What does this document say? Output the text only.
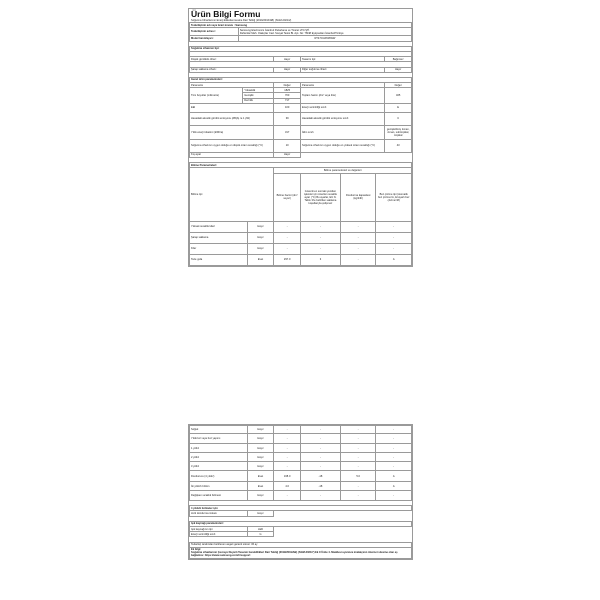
Ürün Bilgi Formu
Soğutma Cihazlarının Enerji Etiketlenmesine Dair Tebliğ (2019/2016/AB) (SGM-2021/2)
Tedarikçinin adı veya ticari ünvanı : Samsung	
Tedarikçinin adresi :	Samsung Electronics İstanbul Pazarlama ve Ticaret LTD.ŞTİ.
Defterdar Mah. Otakçılar Cad. Sosyal Tesisi Bl. Apt. No: 78/48 Eyüpsultan İstanbul/Türkiye

Model tanımlayıcı:	RT47CG6636WW

Soğutma cihazının tipi:			

Düşük gürültülü cihaz:	Hayır	Tasarım tipi:	Bağımsız

Şarap saklama cihazı:	Hayır	Diğer soğutma cihazı:	Hayır

Genel ürün parametreleri:				
Parametre		Değer	Parametre	Değer
Tüm boyutlar (milimetre)	Yükseklik	1825	Toplam hacim (dm³ veya litre)	465
	Genişlik	700		
	Derinlik	717		
EEI		100	Enerji verimliliği sınıfı	E
Havadaki akustik gürültü emisyonu (dB(A) re 1 pW)		39	Havadaki akustik gürültü emisyonu sınıfı	C
Yıllık enerji tüketimi (kWh/a)		317	İklim sınıfı	genişletilmiş ılıman, ılıman, subtropikal, tropikal
Soğutma cihazının uygun olduğu en düşük ortam sıcaklığı (°C)		10	Soğutma cihazının uygun olduğu en yüksek ortam sıcaklığı (°C)	43
Kış ayarı		Hayır		

Bölme Parametreleri:					
Bölme tipi		Bölme parametreleri ve değerleri			
		Bölme hacmi (dm³ veya l)	Güvenli en sonraki yeniden işlemler için önerilen sıcaklık ayarı (°C) Bu ayarlar, EU N. Tablo 3'te belirtilen saklama koşullarıyla çelişmez	Dondurma kapasitesi (kg/24h)	Buz çözme tipi (otomatik buz çözme=A, El ayarlı buz çözme=M)
Yüksek sıcaklık kileri	Hayır	-	-	-	-
Şarap saklama	Hayır	-	-	-	-
Kiler	Hayır	-	-	-	-
Taze gıda	Evet	297.0	3	-	A
Soğuk	Hayır	-	-	-	-
Yıldızsız veya buz yapımı	Hayır	-	-	-	-
1 yıldız	Hayır	-	-	-	-
2 yıldız	Hayır	-	-	-	-
3 yıldız	Hayır	-	-	-	-
Dondurucu (4 yıldız)	Evet	168.0	-18	5.0	A
İki yıldızlı bölüm	Evet	4.0	-18	-	A
Değişken sıcaklık bölmesi	Hayır	-	-	-	-

4 yıldızlı bölmeler için
Hızlı dondurma imkanı	Hayır	

Işık kaynağı parametreleri:		
Işık kaynağının tipi	LED	
Enerji verimliliği sınıfı	G	

Tedarikçi tarafından belirlenen asgari garanti süresi: 36 ay

Ek bilgi:
Soğutma cihazlarının Çevreye Duyarlı Tasarım Gereklilikleri Dair Tebliğ (2019/2019/AB) (SGM-2021/7) Ek II Ünite 4. Maddesi uyarınca imalatçının internet sitesine olan eş bağlantısı: https://www.samsung.com/tr/support
